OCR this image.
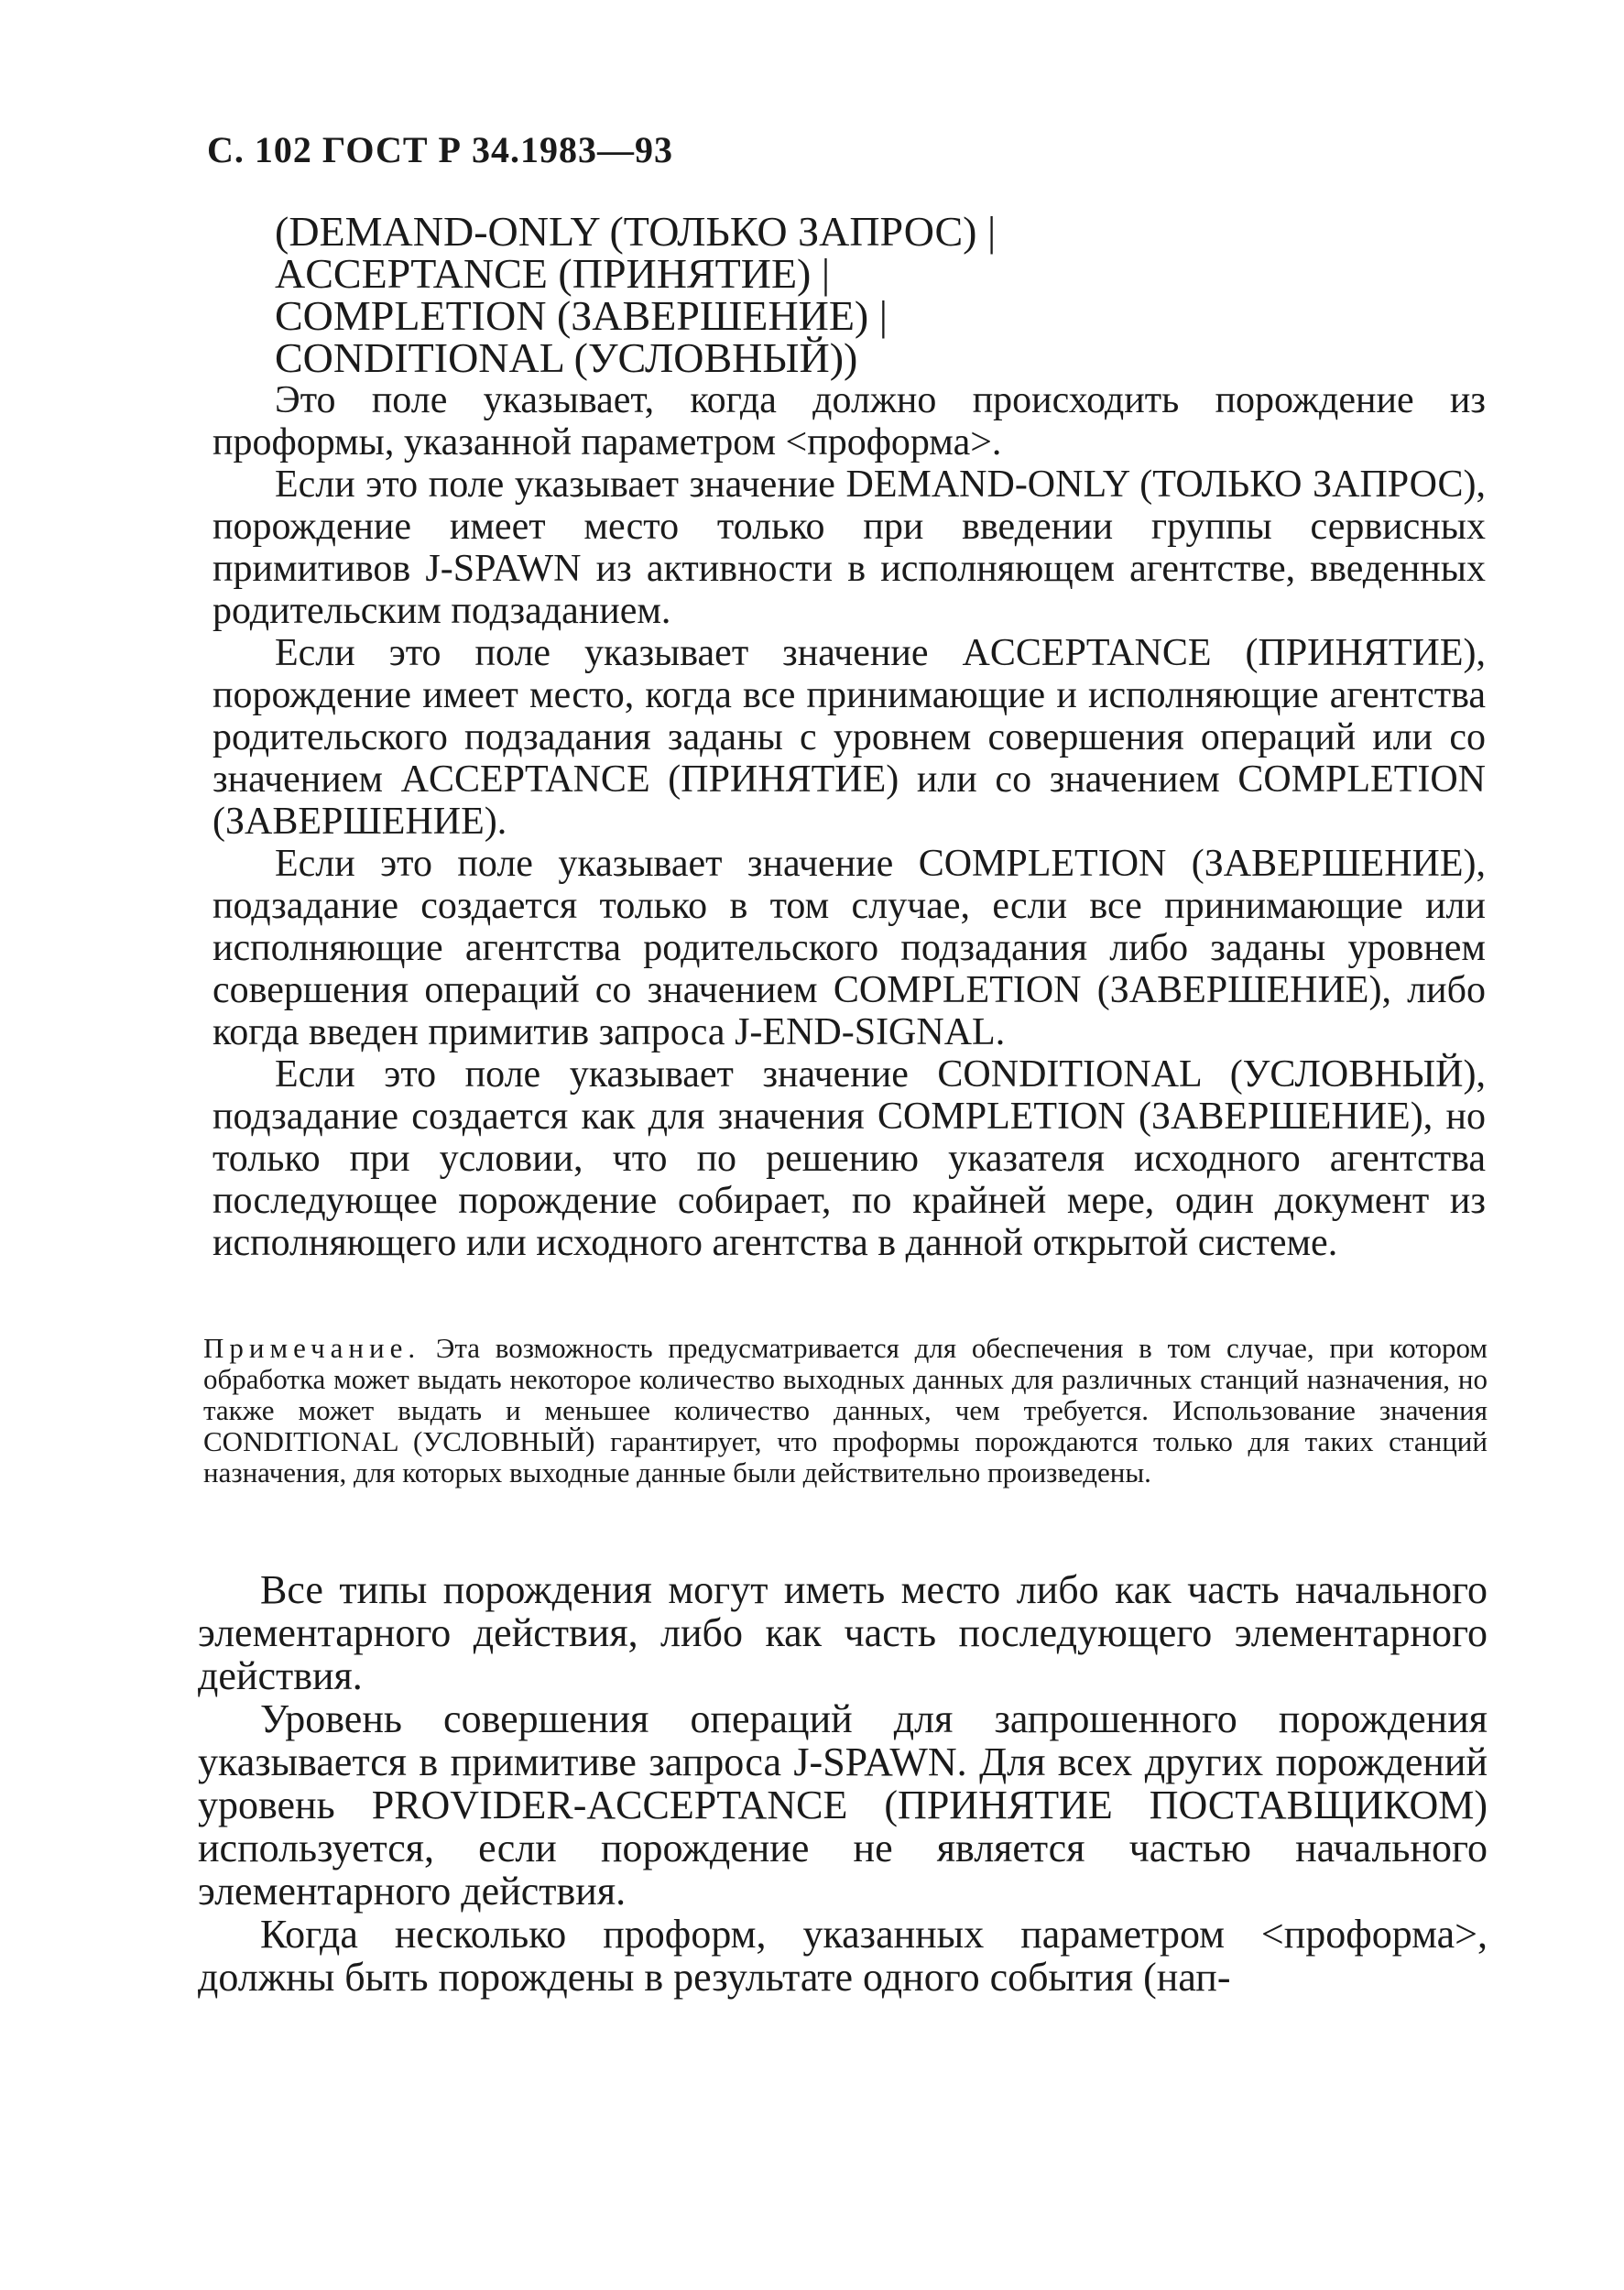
С. 102 ГОСТ Р 34.1983—93
(DEMAND-ONLY (ТОЛЬКО ЗАПРОС) |
ACCEPTANCE (ПРИНЯТИЕ) |
COMPLETION (ЗАВЕРШЕНИЕ) |
CONDITIONAL (УСЛОВНЫЙ))

Это поле указывает, когда должно происходить порождение из проформы, указанной параметром <проформа>.

Если это поле указывает значение DEMAND-ONLY (ТОЛЬКО ЗАПРОС), порождение имеет место только при введении группы сервисных примитивов J-SPAWN из активности в исполняющем агентстве, введенных родительским подзаданием.

Если это поле указывает значение ACCEPTANCE (ПРИНЯТИЕ), порождение имеет место, когда все принимающие и исполняющие агентства родительского подзадания заданы с уровнем совершения операций или со значением ACCEPTANCE (ПРИНЯТИЕ) или со значением COMPLETION (ЗАВЕРШЕНИЕ).

Если это поле указывает значение COMPLETION (ЗАВЕРШЕНИЕ), подзадание создается только в том случае, если все принимающие или исполняющие агентства родительского подзадания либо заданы уровнем совершения операций со значением COMPLETION (ЗАВЕРШЕНИЕ), либо когда введен примитив запроса J-END-SIGNAL.

Если это поле указывает значение CONDITIONAL (УСЛОВНЫЙ), подзадание создается как для значения COMPLETION (ЗАВЕРШЕНИЕ), но только при условии, что по решению указателя исходного агентства последующее порождение собирает, по крайней мере, один документ из исполняющего или исходного агентства в данной открытой системе.

Примечание. Эта возможность предусматривается для обеспечения в том случае, при котором обработка может выдать некоторое количество выходных данных для различных станций назначения, но также может выдать и меньшее количество данных, чем требуется. Использование значения CONDITIONAL (УСЛОВНЫЙ) гарантирует, что проформы порождаются только для таких станций назначения, для которых выходные данные были действительно произведены.

Все типы порождения могут иметь место либо как часть начального элементарного действия, либо как часть последующего элементарного действия.

Уровень совершения операций для запрошенного порождения указывается в примитиве запроса J-SPAWN. Для всех других порождений уровень PROVIDER-ACCEPTANCE (ПРИНЯТИЕ ПОСТАВЩИКОМ) используется, если порождение не является частью начального элементарного действия.

Когда несколько проформ, указанных параметром <проформа>, должны быть порождены в результате одного события (нап-
